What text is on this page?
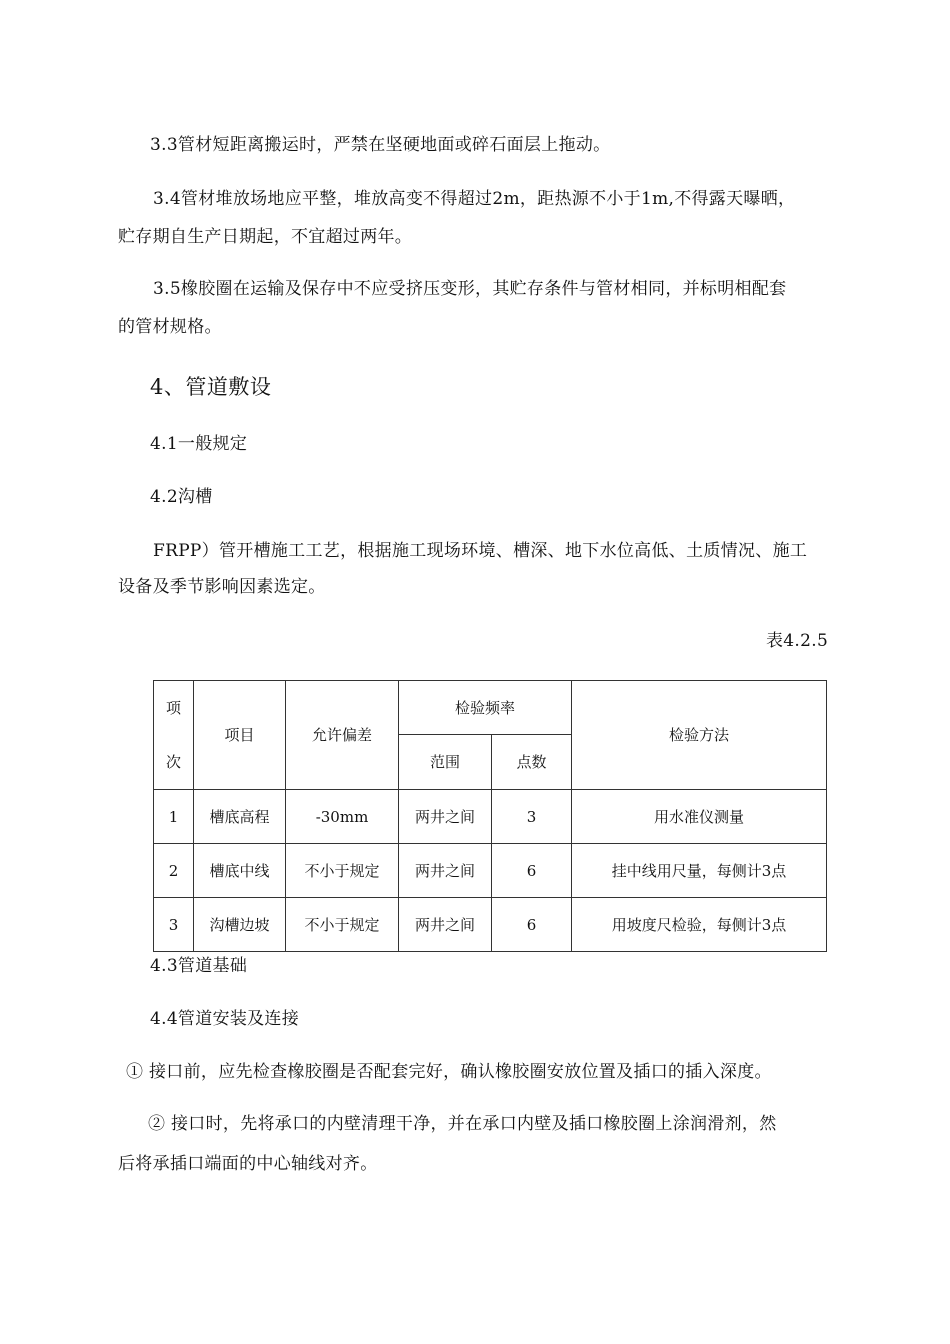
3.3管材短距离搬运时，严禁在坚硬地面或碎石面层上拖动。
3.4管材堆放场地应平整，堆放高变不得超过2m，距热源不小于1m,不得露天曝晒，
贮存期自生产日期起，不宜超过两年。
3.5橡胶圈在运输及保存中不应受挤压变形，其贮存条件与管材相同，并标明相配套
的管材规格。
4、管道敷设
4.1一般规定
4.2沟槽
FRPP）管开槽施工工艺，根据施工现场环境、槽深、地下水位高低、土质情况、施工
设备及季节影响因素选定。
表4.2.5
项
次	项目	允许偏差	检验频率		检验方法
			范围	点数	
1	槽底高程	-30mm	两井之间	3	用水准仪测量
2	槽底中线	不小于规定	两井之间	6	挂中线用尺量，每侧计3点
3	沟槽边坡	不小于规定	两井之间	6	用坡度尺检验，每侧计3点
4.3管道基础
4.4管道安装及连接
① 接口前，应先检查橡胶圈是否配套完好，确认橡胶圈安放位置及插口的插入深度。
② 接口时，先将承口的内壁清理干净，并在承口内壁及插口橡胶圈上涂润滑剂，然
后将承插口端面的中心轴线对齐。
